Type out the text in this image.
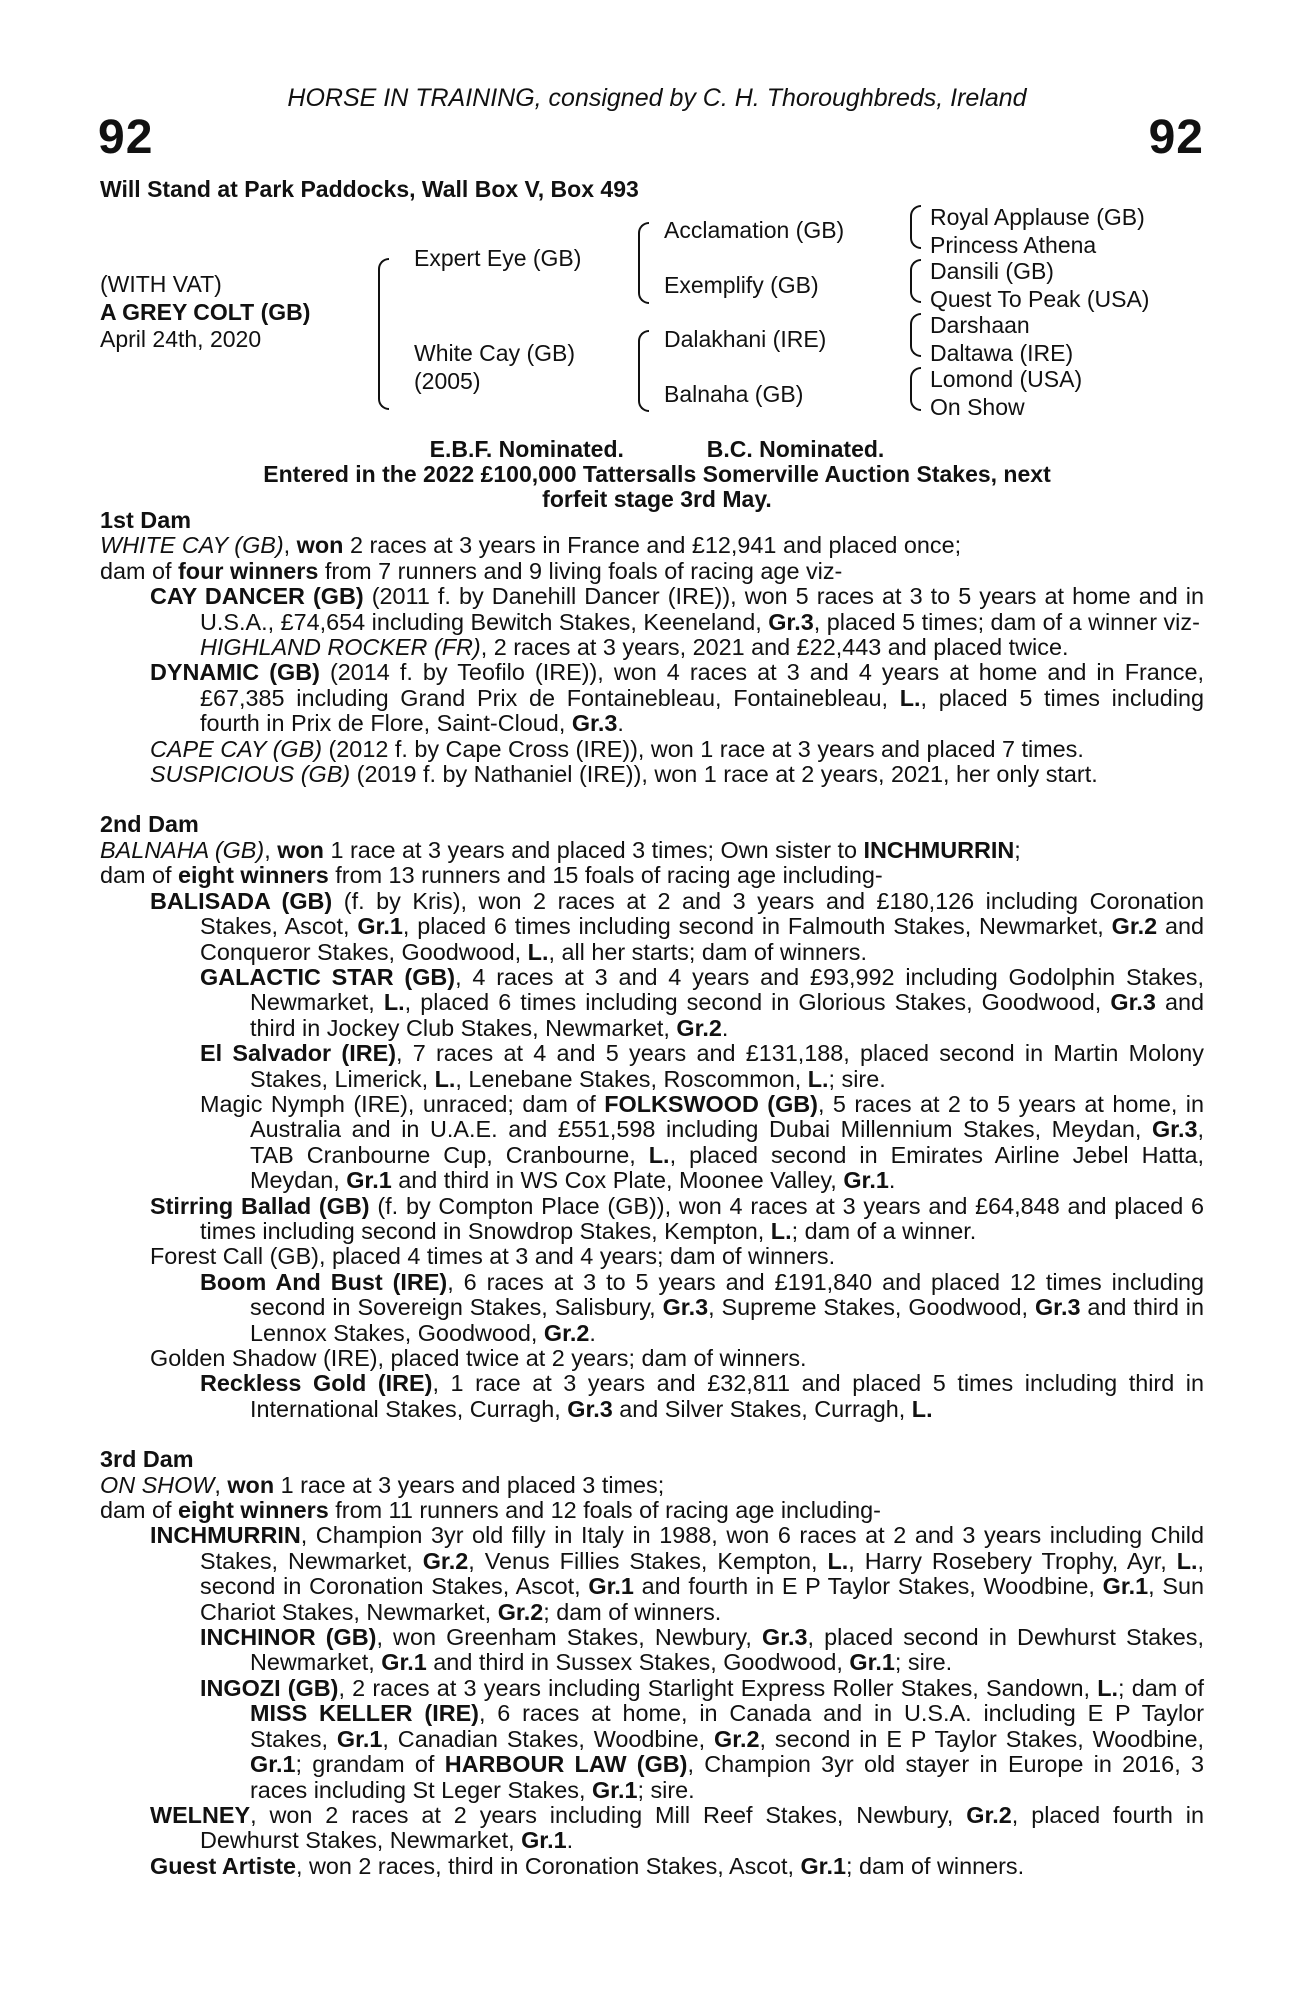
HORSE IN TRAINING, consigned by C. H. Thoroughbreds, Ireland
92	92
Will Stand at Park Paddocks, Wall Box V, Box 493
(WITH VAT)
A GREY COLT (GB)
April 24th, 2020
Expert Eye (GB)
White Cay (GB)
(2005)
Acclamation (GB)
Exemplify (GB)
Dalakhani (IRE)
Balnaha (GB)
Royal Applause (GB)
Princess Athena
Dansili (GB)
Quest To Peak (USA)
Darshaan
Daltawa (IRE)
Lomond (USA)
On Show
E.B.F. Nominated.	B.C. Nominated.
Entered in the 2022 £100,000 Tattersalls Somerville Auction Stakes, next
forfeit stage 3rd May.

1st Dam

WHITE CAY (GB), won 2 races at 3 years in France and £12,941 and placed once;

dam of four winners from 7 runners and 9 living foals of racing age viz-

CAY DANCER (GB) (2011 f. by Danehill Dancer (IRE)), won 5 races at 3 to 5 years at home and in U.S.A., £74,654 including Bewitch Stakes, Keeneland, Gr.3, placed 5 times; dam of a winner viz-

HIGHLAND ROCKER (FR), 2 races at 3 years, 2021 and £22,443 and placed twice.

DYNAMIC (GB) (2014 f. by Teofilo (IRE)), won 4 races at 3 and 4 years at home and in France, £67,385 including Grand Prix de Fontainebleau, Fontainebleau, L., placed 5 times including fourth in Prix de Flore, Saint-Cloud, Gr.3.

CAPE CAY (GB) (2012 f. by Cape Cross (IRE)), won 1 race at 3 years and placed 7 times.

SUSPICIOUS (GB) (2019 f. by Nathaniel (IRE)), won 1 race at 2 years, 2021, her only start.

2nd Dam

BALNAHA (GB), won 1 race at 3 years and placed 3 times; Own sister to INCHMURRIN;

dam of eight winners from 13 runners and 15 foals of racing age including-

BALISADA (GB) (f. by Kris), won 2 races at 2 and 3 years and £180,126 including Coronation Stakes, Ascot, Gr.1, placed 6 times including second in Falmouth Stakes, Newmarket, Gr.2 and Conqueror Stakes, Goodwood, L., all her starts; dam of winners.

GALACTIC STAR (GB), 4 races at 3 and 4 years and £93,992 including Godolphin Stakes, Newmarket, L., placed 6 times including second in Glorious Stakes, Goodwood, Gr.3 and third in Jockey Club Stakes, Newmarket, Gr.2.

El Salvador (IRE), 7 races at 4 and 5 years and £131,188, placed second in Martin Molony Stakes, Limerick, L., Lenebane Stakes, Roscommon, L.; sire.

Magic Nymph (IRE), unraced; dam of FOLKSWOOD (GB), 5 races at 2 to 5 years at home, in Australia and in U.A.E. and £551,598 including Dubai Millennium Stakes, Meydan, Gr.3, TAB Cranbourne Cup, Cranbourne, L., placed second in Emirates Airline Jebel Hatta, Meydan, Gr.1 and third in WS Cox Plate, Moonee Valley, Gr.1.

Stirring Ballad (GB) (f. by Compton Place (GB)), won 4 races at 3 years and £64,848 and placed 6 times including second in Snowdrop Stakes, Kempton, L.; dam of a winner.

Forest Call (GB), placed 4 times at 3 and 4 years; dam of winners.

Boom And Bust (IRE), 6 races at 3 to 5 years and £191,840 and placed 12 times including second in Sovereign Stakes, Salisbury, Gr.3, Supreme Stakes, Goodwood, Gr.3 and third in Lennox Stakes, Goodwood, Gr.2.

Golden Shadow (IRE), placed twice at 2 years; dam of winners.

Reckless Gold (IRE), 1 race at 3 years and £32,811 and placed 5 times including third in International Stakes, Curragh, Gr.3 and Silver Stakes, Curragh, L.

3rd Dam

ON SHOW, won 1 race at 3 years and placed 3 times;

dam of eight winners from 11 runners and 12 foals of racing age including-

INCHMURRIN, Champion 3yr old filly in Italy in 1988, won 6 races at 2 and 3 years including Child Stakes, Newmarket, Gr.2, Venus Fillies Stakes, Kempton, L., Harry Rosebery Trophy, Ayr, L., second in Coronation Stakes, Ascot, Gr.1 and fourth in E P Taylor Stakes, Woodbine, Gr.1, Sun Chariot Stakes, Newmarket, Gr.2; dam of winners.

INCHINOR (GB), won Greenham Stakes, Newbury, Gr.3, placed second in Dewhurst Stakes, Newmarket, Gr.1 and third in Sussex Stakes, Goodwood, Gr.1; sire.

INGOZI (GB), 2 races at 3 years including Starlight Express Roller Stakes, Sandown, L.; dam of MISS KELLER (IRE), 6 races at home, in Canada and in U.S.A. including E P Taylor Stakes, Gr.1, Canadian Stakes, Woodbine, Gr.2, second in E P Taylor Stakes, Woodbine, Gr.1; grandam of HARBOUR LAW (GB), Champion 3yr old stayer in Europe in 2016, 3 races including St Leger Stakes, Gr.1; sire.

WELNEY, won 2 races at 2 years including Mill Reef Stakes, Newbury, Gr.2, placed fourth in Dewhurst Stakes, Newmarket, Gr.1.

Guest Artiste, won 2 races, third in Coronation Stakes, Ascot, Gr.1; dam of winners.
